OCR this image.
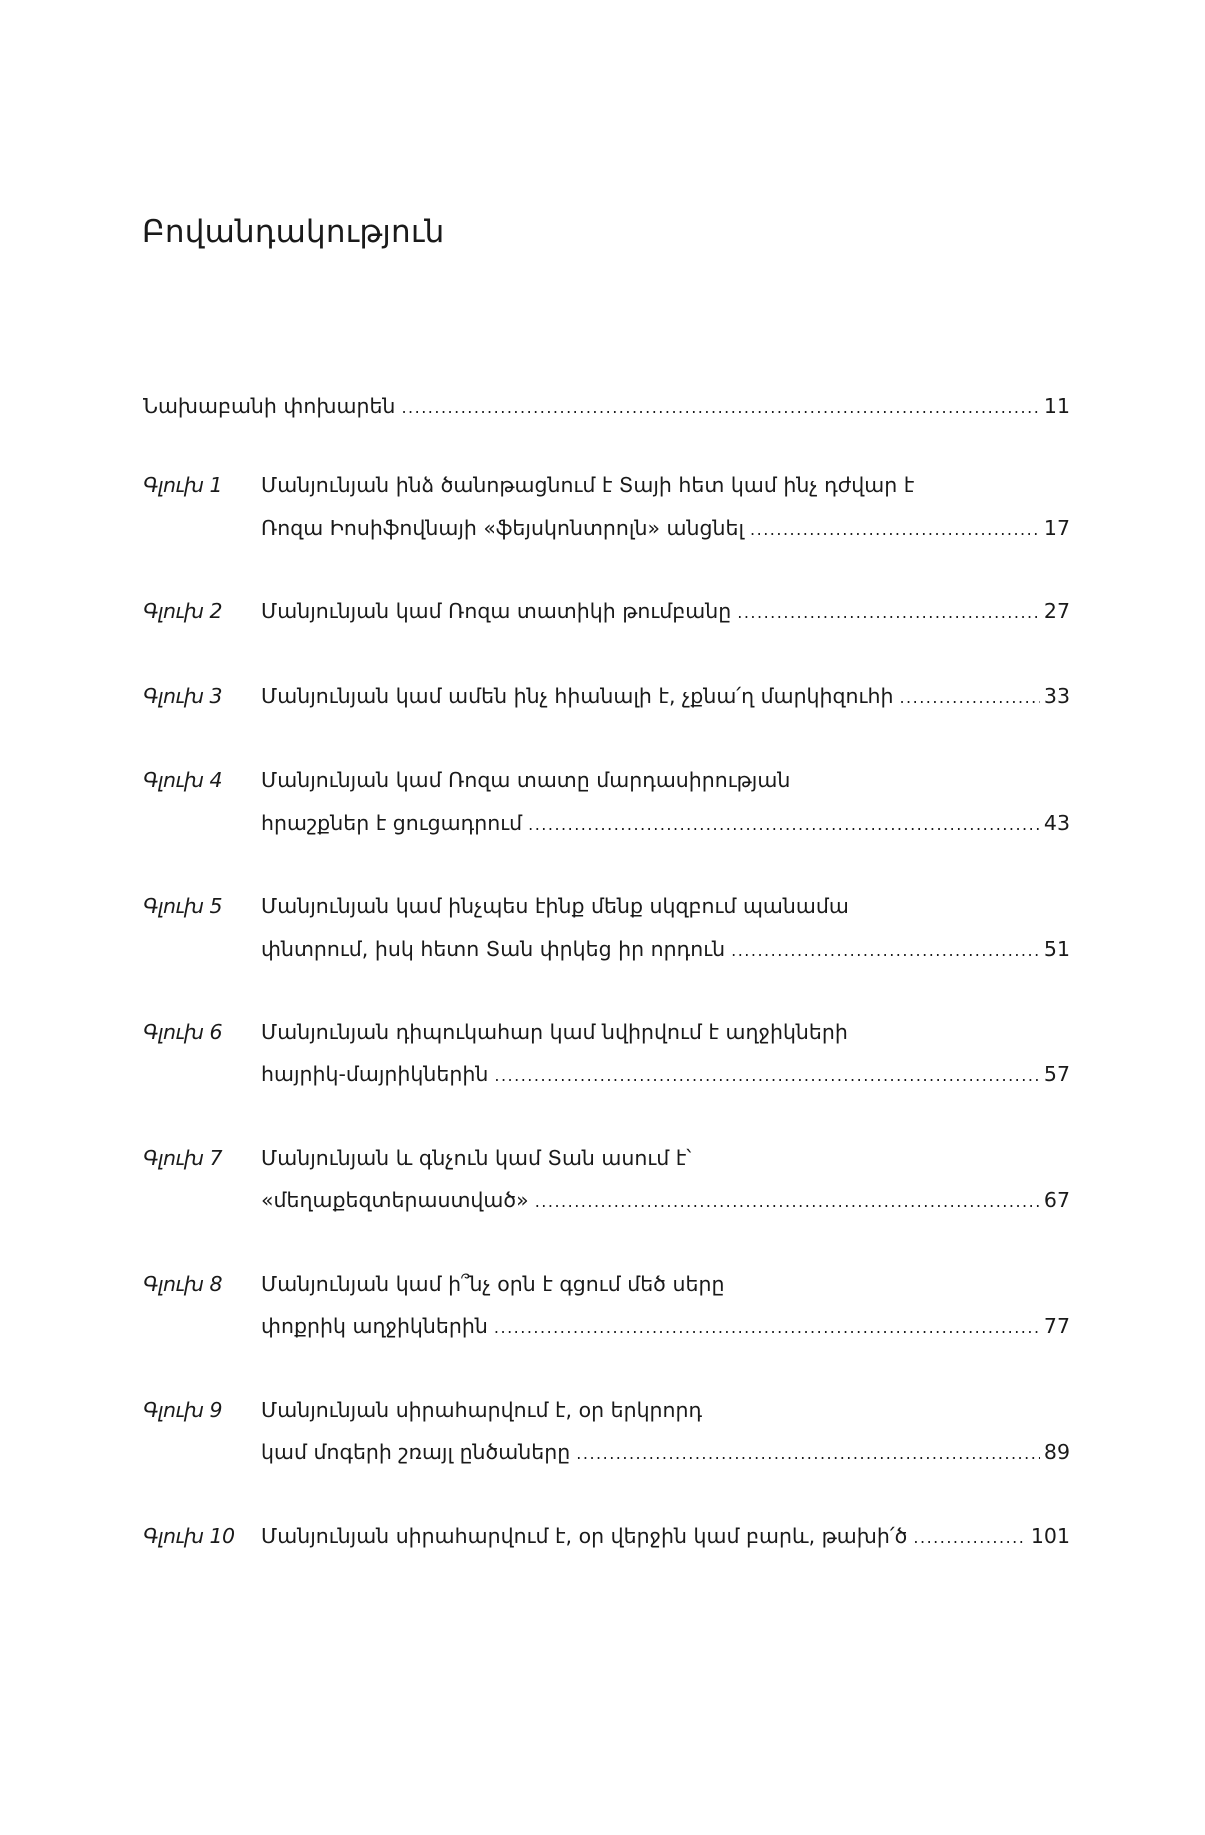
Բովանդակություն
Նախաբանի փոխարեն .....	11
Գլուխ 1	Մանյունյան ինձ ծանոթացնում է Տայի հետ կամ ինչ դժվար է
Ռոզա Իոսիֆովնայի «ֆեյսկոնտրոլն» անցնել .....	17
Գլուխ 2	Մանյունյան կամ Ռոզա տատիկի թումբանը .....	27
Գլուխ 3	Մանյունյան կամ ամեն ինչ հիանալի է, չքնա՛ղ մարկիզուհի .....	33
Գլուխ 4	Մանյունյան կամ Ռոզա տատը մարդասիրության
հրաշքներ է ցուցադրում .....	43
Գլուխ 5	Մանյունյան կամ ինչպես էինք մենք սկզբում պանամա
փնտրում, իսկ հետո Տան փրկեց իր որդուն .....	51
Գլուխ 6	Մանյունյան դիպուկահար կամ նվիրվում է աղջիկների
հայրիկ-մայրիկներին .....	57
Գլուխ 7	Մանյունյան և գնչուն կամ Տան ասում է՝
«մեղաքեզտերաստված» .....	67
Գլուխ 8	Մանյունյան կամ ի՞նչ օրն է գցում մեծ սերը
փոքրիկ աղջիկներին .....	77
Գլուխ 9	Մանյունյան սիրահարվում է, օր երկրորդ
կամ մոգերի շռայլ ընծաները .....	89
Գլուխ 10	Մանյունյան սիրահարվում է, օր վերջին կամ բարև, թախի՛ծ .....	101
